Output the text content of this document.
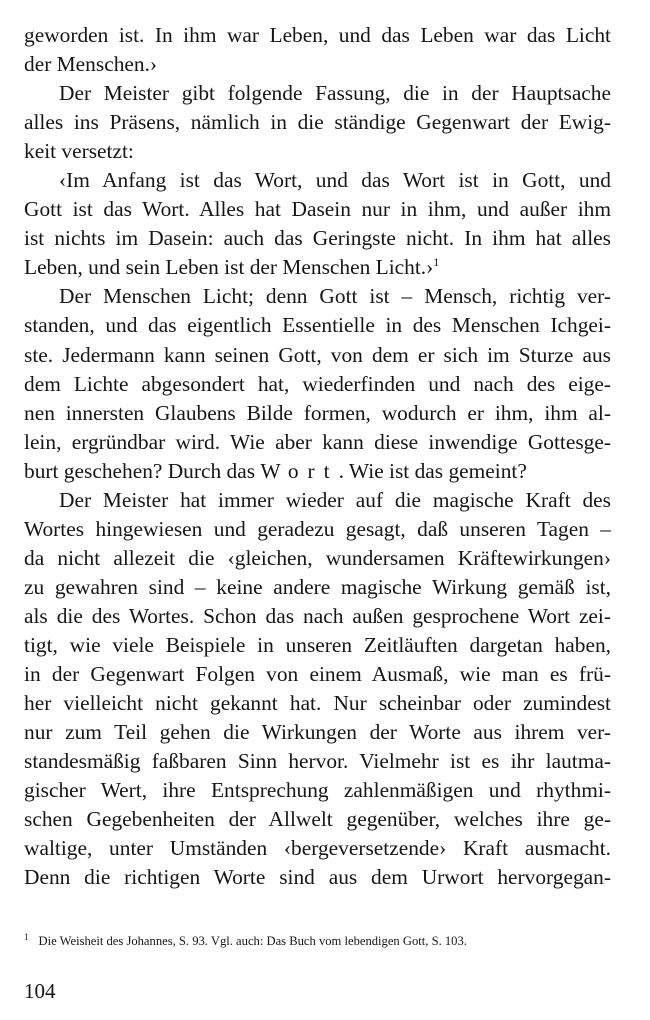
geworden ist. In ihm war Leben, und das Leben war das Licht
der Menschen.›
Der Meister gibt folgende Fassung, die in der Hauptsache
alles ins Präsens, nämlich in die ständige Gegenwart der Ewig-
keit versetzt:
‹Im Anfang ist das Wort, und das Wort ist in Gott, und
Gott ist das Wort. Alles hat Dasein nur in ihm, und außer ihm
ist nichts im Dasein: auch das Geringste nicht. In ihm hat alles
Leben, und sein Leben ist der Menschen Licht.›$^1$
Der Menschen Licht; denn Gott ist – Mensch, richtig ver-
standen, und das eigentlich Essentielle in des Menschen Ichgei-
ste. Jedermann kann seinen Gott, von dem er sich im Sturze aus
dem Lichte abgesondert hat, wiederfinden und nach des eige-
nen innersten Glaubens Bilde formen, wodurch er ihm, ihm al-
lein, ergründbar wird. Wie aber kann diese inwendige Gottesge-
burt geschehen? Durch das Wort. Wie ist das gemeint?
Der Meister hat immer wieder auf die magische Kraft des
Wortes hingewiesen und geradezu gesagt, daß unseren Tagen –
da nicht allezeit die ‹gleichen, wundersamen Kräftewirkungen›
zu gewahren sind – keine andere magische Wirkung gemäß ist,
als die des Wortes. Schon das nach außen gesprochene Wort zei-
tigt, wie viele Beispiele in unseren Zeitläuften dargetan haben,
in der Gegenwart Folgen von einem Ausmaß, wie man es frü-
her vielleicht nicht gekannt hat. Nur scheinbar oder zumindest
nur zum Teil gehen die Wirkungen der Worte aus ihrem ver-
standesmäßig faßbaren Sinn hervor. Vielmehr ist es ihr lautma-
gischer Wert, ihre Entsprechung zahlenmäßigen und rhythmi-
schen Gegebenheiten der Allwelt gegenüber, welches ihre ge-
waltige, unter Umständen ‹bergeversetzende› Kraft ausmacht.
Denn die richtigen Worte sind aus dem Urwort hervorgegan-
$^1$ Die Weisheit des Johannes, S. 93. Vgl. auch: Das Buch vom lebendigen Gott, S. 103.
104
